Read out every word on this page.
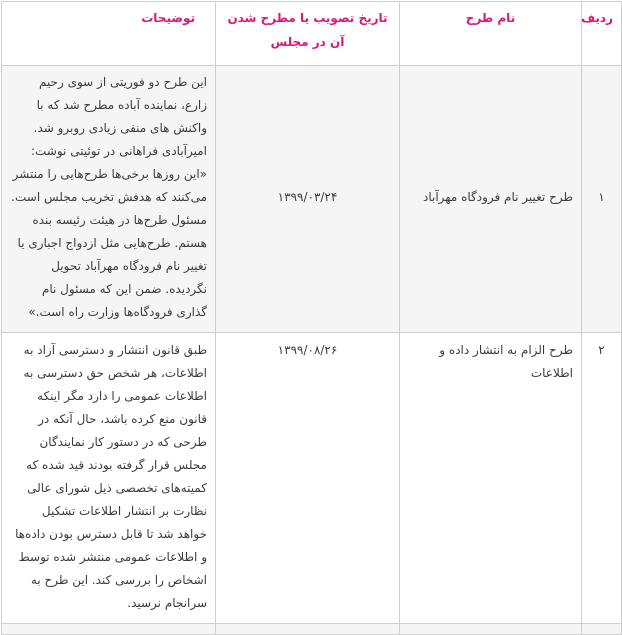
ردیف	نام طرح	تاریخ تصویب یا مطرح شدن آن در مجلس	توضیحات
۱	طرح تغییر نام فرودگاه مهرآباد	۱۳۹۹/۰۳/۲۴	این طرح دو فوریتی از سوی رحیم زارع، نماینده آباده مطرح شد که با واکنش های منفی زیادی روبرو شد. امیرآبادی فراهانی در توئیتی نوشت: «این روزها برخی‌ها طرح‌هایی را منتشر می‌کنند که هدفش تخریب مجلس است. مسئول طرح‌ها در هیئت رئیسه بنده هستم. طرح‌هایی مثل ازدواج اجباری یا تغییر نام فرودگاه مهرآباد تحویل نگردیده. ضمن این که مسئول نام گذاری فرودگاه‌ها وزارت راه است.»
۲	طرح الزام به انتشار داده و اطلاعات	۱۳۹۹/۰۸/۲۶	طبق قانون انتشار و دسترسی آزاد به اطلاعات، هر شخص حق دسترسی به اطلاعات عمومی را دارد مگر اینکه قانون منع کرده باشد، حال آنکه در طرحی که در دستور کار نمایندگان مجلس قرار گرفته بودند قید شده که کمیته‌های تخصصی ذیل شورای عالی نظارت بر انتشار اطلاعات تشکیل خواهد شد تا قابل دسترس بودن داده‌ها و اطلاعات عمومی منتشر شده توسط اشخاص را بررسی کند. این طرح به سرانجام نرسید.
